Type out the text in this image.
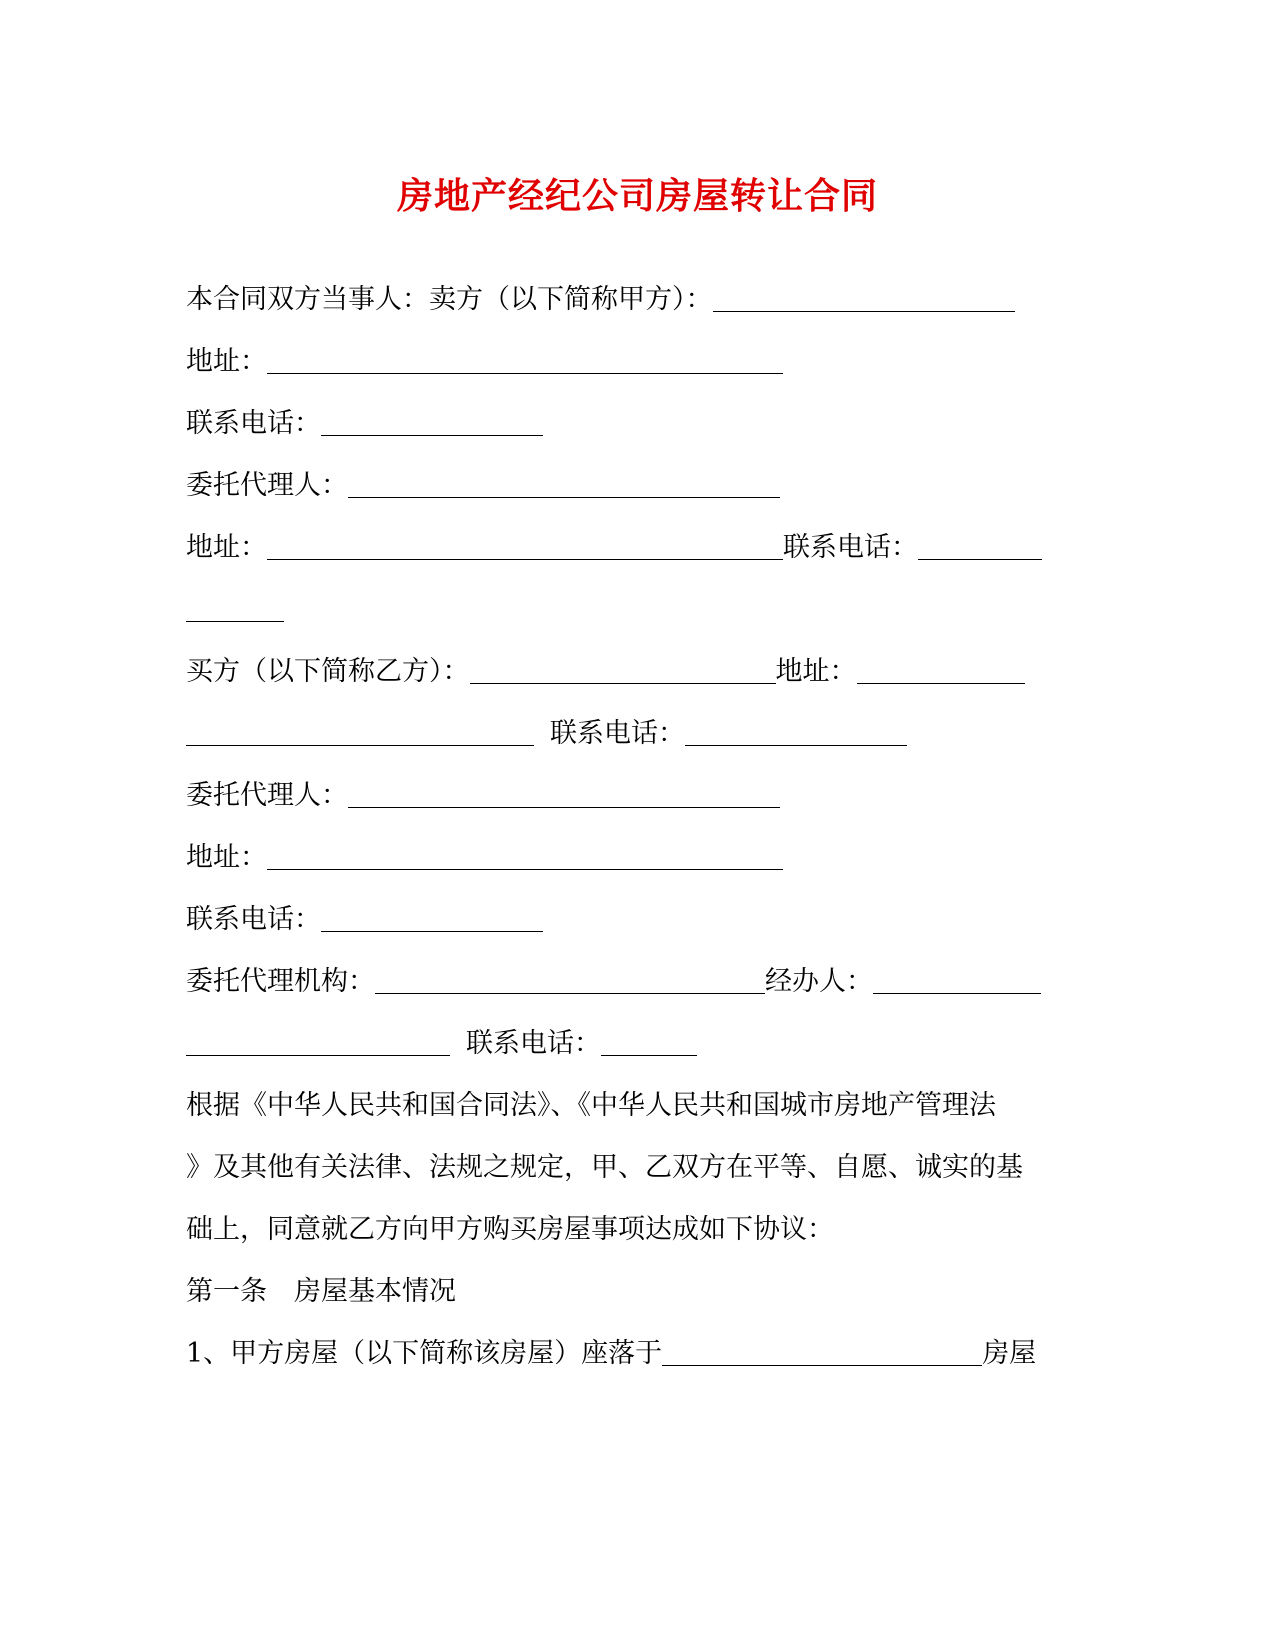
房地产经纪公司房屋转让合同
本合同双方当事人：卖方（以下简称甲方）：
地址：
联系电话：
委托代理人：
地址：	联系电话：
买方（以下简称乙方）：	地址：
联系电话：
委托代理人：
地址：
联系电话：
委托代理机构：	经办人：
联系电话：
根据《中华人民共和国合同法》、《中华人民共和国城市房地产管理法
》及其他有关法律、法规之规定，甲、乙双方在平等、自愿、诚实的基
础上，同意就乙方向甲方购买房屋事项达成如下协议：
第一条　房屋基本情况
1、甲方房屋（以下简称该房屋）座落于	房屋
